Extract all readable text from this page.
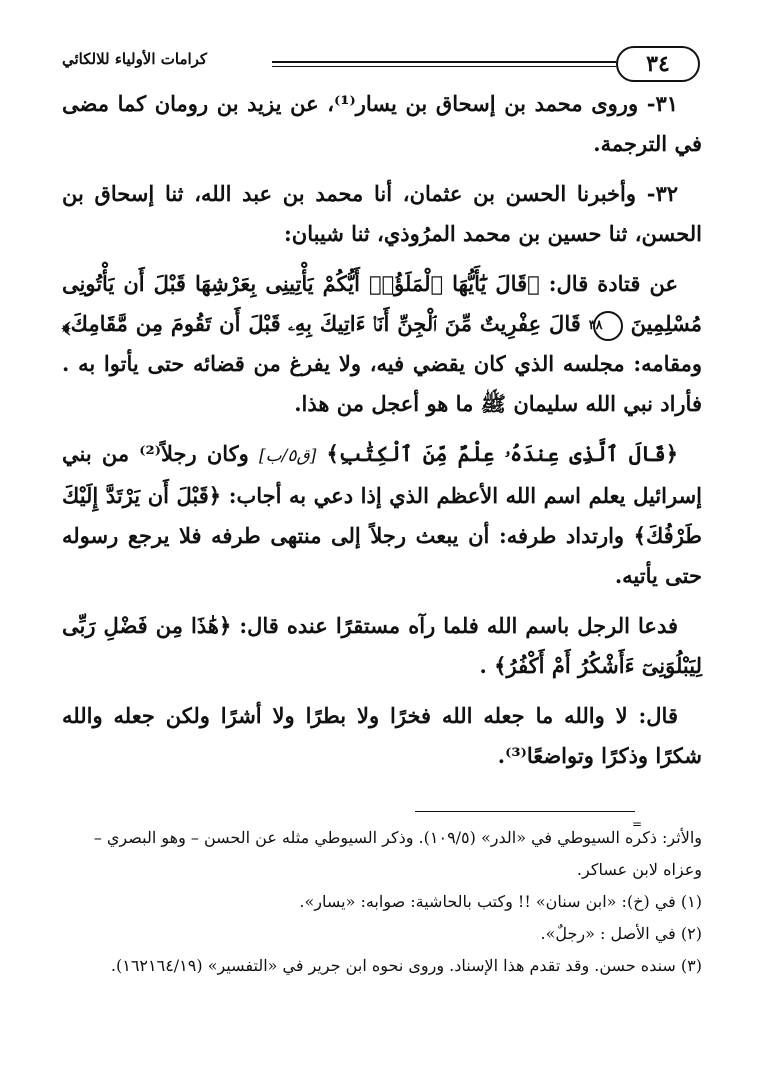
كرامات الأولياء للالكائي	٣٤

٣١- وروى محمد بن إسحاق بن يسار⁽¹⁾، عن يزيد بن رومان كما مضى في الترجمة.

٣٢- وأخبرنا الحسن بن عثمان، أنا محمد بن عبد الله، ثنا إسحاق بن الحسن، ثنا حسين بن محمد المرُوذي، ثنا شيبان:

عن قتادة قال: ﴿قَالَ يَٰٓأَيُّهَا ٱلْمَلَؤُا۟ أَيُّكُمْ يَأْتِينِى بِعَرْشِهَا قَبْلَ أَن يَأْتُونِى مُسْلِمِينَ ٣٨ قَالَ عِفْرِيتٌ مِّنَ ٱلْجِنِّ أَنَا۠ ءَاتِيكَ بِهِۦ قَبْلَ أَن تَقُومَ مِن مَّقَامِكَ﴾ ومقامه: مجلسه الذي كان يقضي فيه، ولا يفرغ من قضائه حتى يأتوا به . فأراد نبي الله سليمان ﷺ ما هو أعجل من هذا.

﴿قَالَ ٱلَّذِى عِندَهُۥ عِلْمٌ مِّنَ ٱلْكِتَٰبِ﴾ [ق٥/ب] وكان رجلاً⁽²⁾ من بني إسرائيل يعلم اسم الله الأعظم الذي إذا دعي به أجاب: ﴿قَبْلَ أَن يَرْتَدَّ إِلَيْكَ طَرْفُكَ﴾ وارتداد طرفه: أن يبعث رجلاً إلى منتهى طرفه فلا يرجع رسوله حتى يأتيه.

فدعا الرجل باسم الله فلما رآه مستقرًا عنده قال: ﴿هَٰذَا مِن فَضْلِ رَبِّى لِيَبْلُوَنِىٓ ءَأَشْكُرُ أَمْ أَكْفُرُ﴾ .

قال: لا والله ما جعله الله فخرًا ولا بطرًا ولا أشرًا ولكن جعله والله شكرًا وذكرًا وتواضعًا⁽³⁾.

=

والأثر: ذكره السيوطي في «الدر» (١٠٩/٥). وذكر السيوطي مثله عن الحسن – وهو البصري – وعزاه لابن عساكر.

(١) في (خ): «ابن سنان» !! وكتب بالحاشية: صوابه: «يسار».

(٢) في الأصل : «رجلٌ».

(٣) سنده حسن. وقد تقدم هذا الإسناد. وروى نحوه ابن جرير في «التفسير» (١٦٢١٦٤/١٩).
